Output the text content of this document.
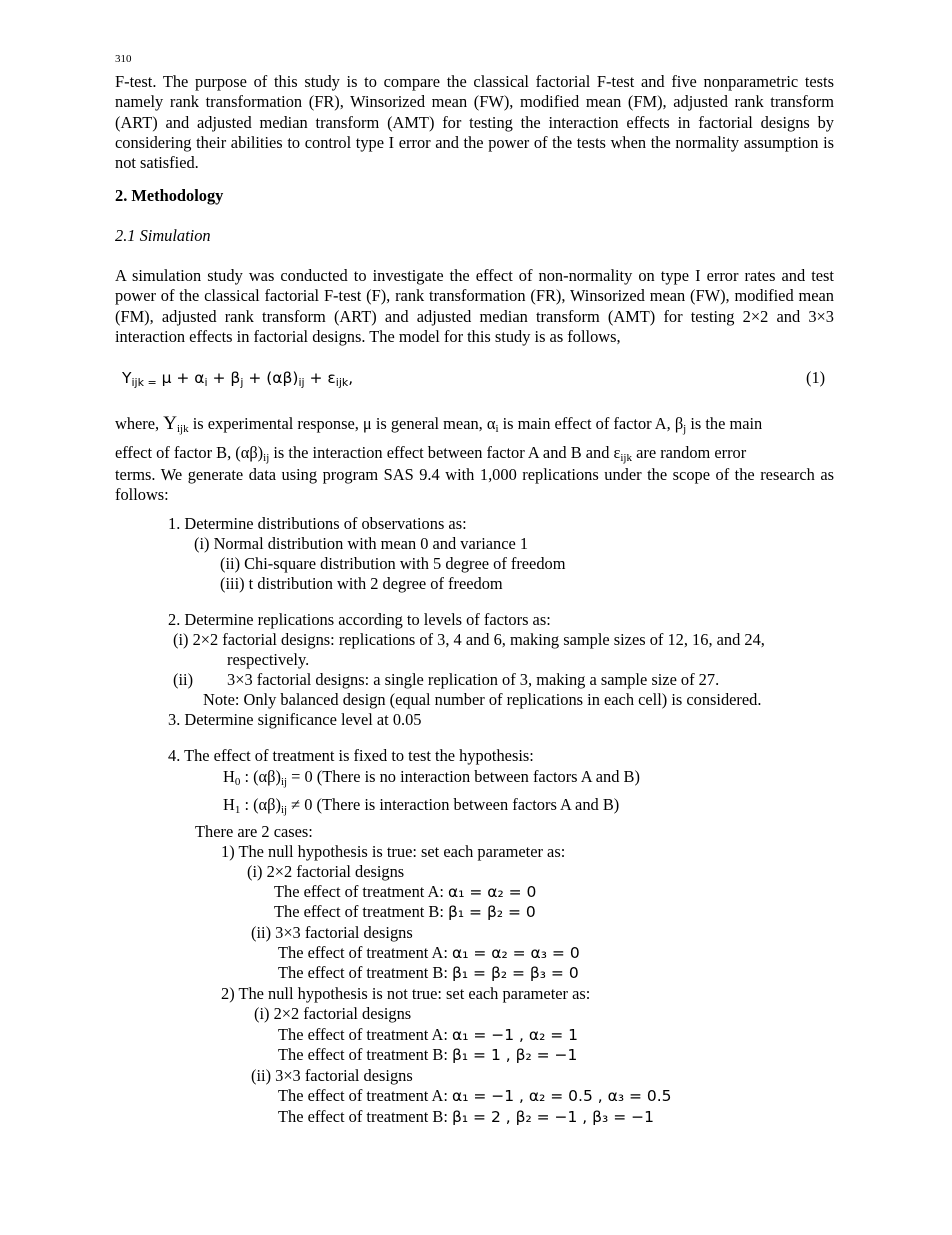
310
F-test. The purpose of this study is to compare the classical factorial F-test and five nonparametric tests namely rank transformation (FR), Winsorized mean (FW), modified mean (FM), adjusted rank transform (ART) and adjusted median transform (AMT) for testing the interaction effects in factorial designs by considering their abilities to control type I error and the power of the tests when the normality assumption is not satisfied.
2. Methodology
2.1 Simulation
A simulation study was conducted to investigate the effect of non-normality on type I error rates and test power of the classical factorial F-test (F), rank transformation (FR), Winsorized mean (FW), modified mean (FM), adjusted rank transform (ART) and adjusted median transform (AMT) for testing 2×2 and 3×3 interaction effects in factorial designs. The model for this study is as follows,
$Y_{ijk =}$ $\mu + \alpha_i + \beta_j + (\alpha\beta)_{ij} + \varepsilon_{ijk}$,	(1)
where, $Y_{ijk}$ is experimental response, μ is general mean, $\alpha_i$ is main effect of factor A, $\beta_j$ is the main
effect of factor B, $(\alpha\beta)_{ij}$ is the interaction effect between factor A and B and $\varepsilon_{ijk}$ are random error
terms. We generate data using program SAS 9.4 with 1,000 replications under the scope of the research as follows:
1. Determine distributions of observations as:
(i) Normal distribution with mean 0 and variance 1
(ii) Chi-square distribution with 5 degree of freedom
(iii) t distribution with 2 degree of freedom
2. Determine replications according to levels of factors as:
(i) 2×2 factorial designs: replications of 3, 4 and 6, making sample sizes of 12, 16, and 24,
respectively.
(ii) 3×3 factorial designs: a single replication of 3, making a sample size of 27.
Note: Only balanced design (equal number of replications in each cell) is considered.
3. Determine significance level at 0.05
4. The effect of treatment is fixed to test the hypothesis:
$H_0$ : $(\alpha\beta)_{ij} = 0$ (There is no interaction between factors A and B)
$H_1$ : $(\alpha\beta)_{ij} \ne 0$ (There is interaction between factors A and B)
There are 2 cases:
1) The null hypothesis is true: set each parameter as:
(i) 2×2 factorial designs
The effect of treatment A: α₁ = α₂ = 0
The effect of treatment B: β₁ = β₂ = 0
(ii) 3×3 factorial designs
The effect of treatment A: α₁ = α₂ = α₃ = 0
The effect of treatment B: β₁ = β₂ = β₃ = 0
2) The null hypothesis is not true: set each parameter as:
(i) 2×2 factorial designs
The effect of treatment A: α₁ = −1 , α₂ = 1
The effect of treatment B: β₁ = 1 , β₂ = −1
(ii) 3×3 factorial designs
The effect of treatment A: α₁ = −1 , α₂ = 0.5 , α₃ = 0.5
The effect of treatment B: β₁ = 2 , β₂ = −1 , β₃ = −1
